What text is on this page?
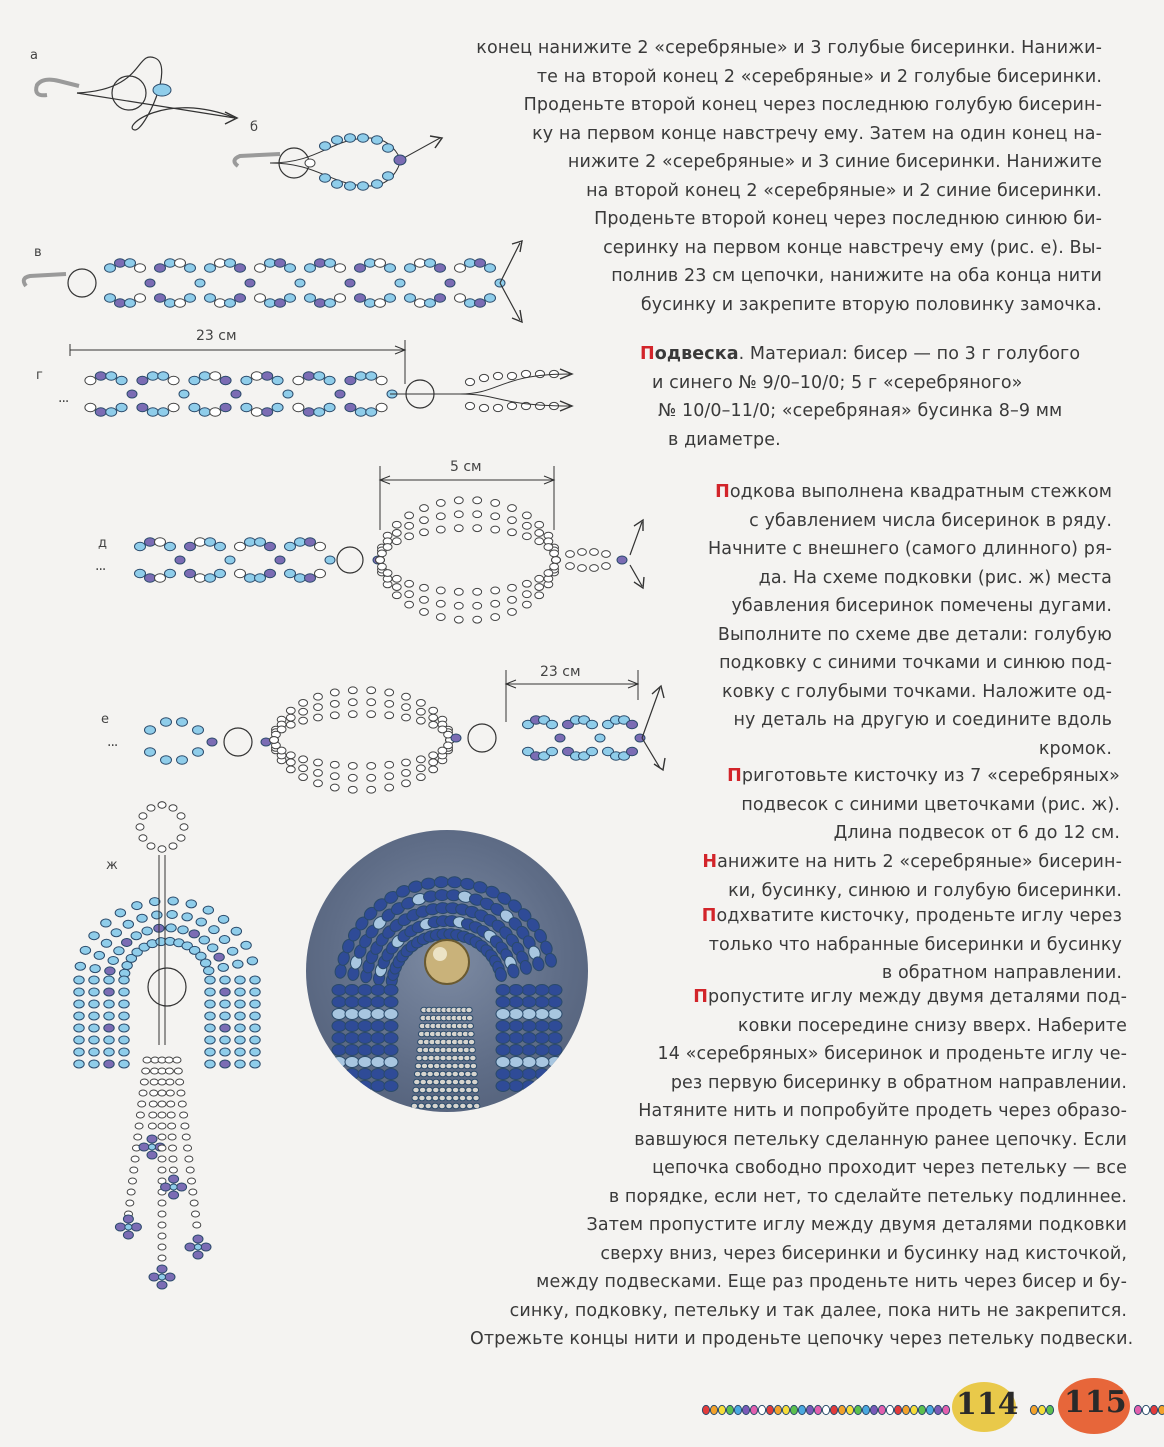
а
б
в
г
д
е
ж
23 см
5 см
23 см
...
...
...
конец нанижите 2 «серебряные» и 3 голубые бисеринки. Нанижи-
те на второй конец 2 «серебряные» и 2 голубые бисеринки.
Проденьте второй конец через последнюю голубую бисерин-
ку на первом конце навстречу ему. Затем на один конец на-
нижите 2 «серебряные» и 3 синие бисеринки. Нанижите
на второй конец 2 «серебряные» и 2 синие бисеринки.
Проденьте второй конец через последнюю синюю би-
серинку на первом конце навстречу ему (рис. е). Вы-
полнив 23 см цепочки, нанижите на оба конца нити
бусинку и закрепите вторую половинку замочка.
Подвеска. Материал: бисер — по 3 г голубого
и синего № 9/0–10/0; 5 г «серебряного»
№ 10/0–11/0; «серебряная» бусинка 8–9 мм
в диаметре.
Подкова выполнена квадратным стежком
с убавлением числа бисеринок в ряду.
Начните с внешнего (самого длинного) ря-
да. На схеме подковки (рис. ж) места
убавления бисеринок помечены дугами.
Выполните по схеме две детали: голубую
подковку с синими точками и синюю под-
ковку с голубыми точками. Наложите од-
ну деталь на другую и соедините вдоль
кромок.
Приготовьте кисточку из 7 «серебряных»
подвесок с синими цветочками (рис. ж).
Длина подвесок от 6 до 12 см.
Нанижите на нить 2 «серебряные» бисерин-
ки, бусинку, синюю и голубую бисеринки.
Подхватите кисточку, проденьте иглу через
только что набранные бисеринки и бусинку
в обратном направлении.
Пропустите иглу между двумя деталями под-
ковки посередине снизу вверх. Наберите
14 «серебряных» бисеринок и проденьте иглу че-
рез первую бисеринку в обратном направлении.
Натяните нить и попробуйте продеть через образо-
вавшуюся петельку сделанную ранее цепочку. Если
цепочка свободно проходит через петельку — все
в порядке, если нет, то сделайте петельку подлиннее.
Затем пропустите иглу между двумя деталями подковки
сверху вниз, через бисеринки и бусинку над кисточкой,
между подвесками. Еще раз проденьте нить через бисер и бу-
синку, подковку, петельку и так далее, пока нить не закрепится.
Отрежьте концы нити и проденьте цепочку через петельку подвески.
114 115
